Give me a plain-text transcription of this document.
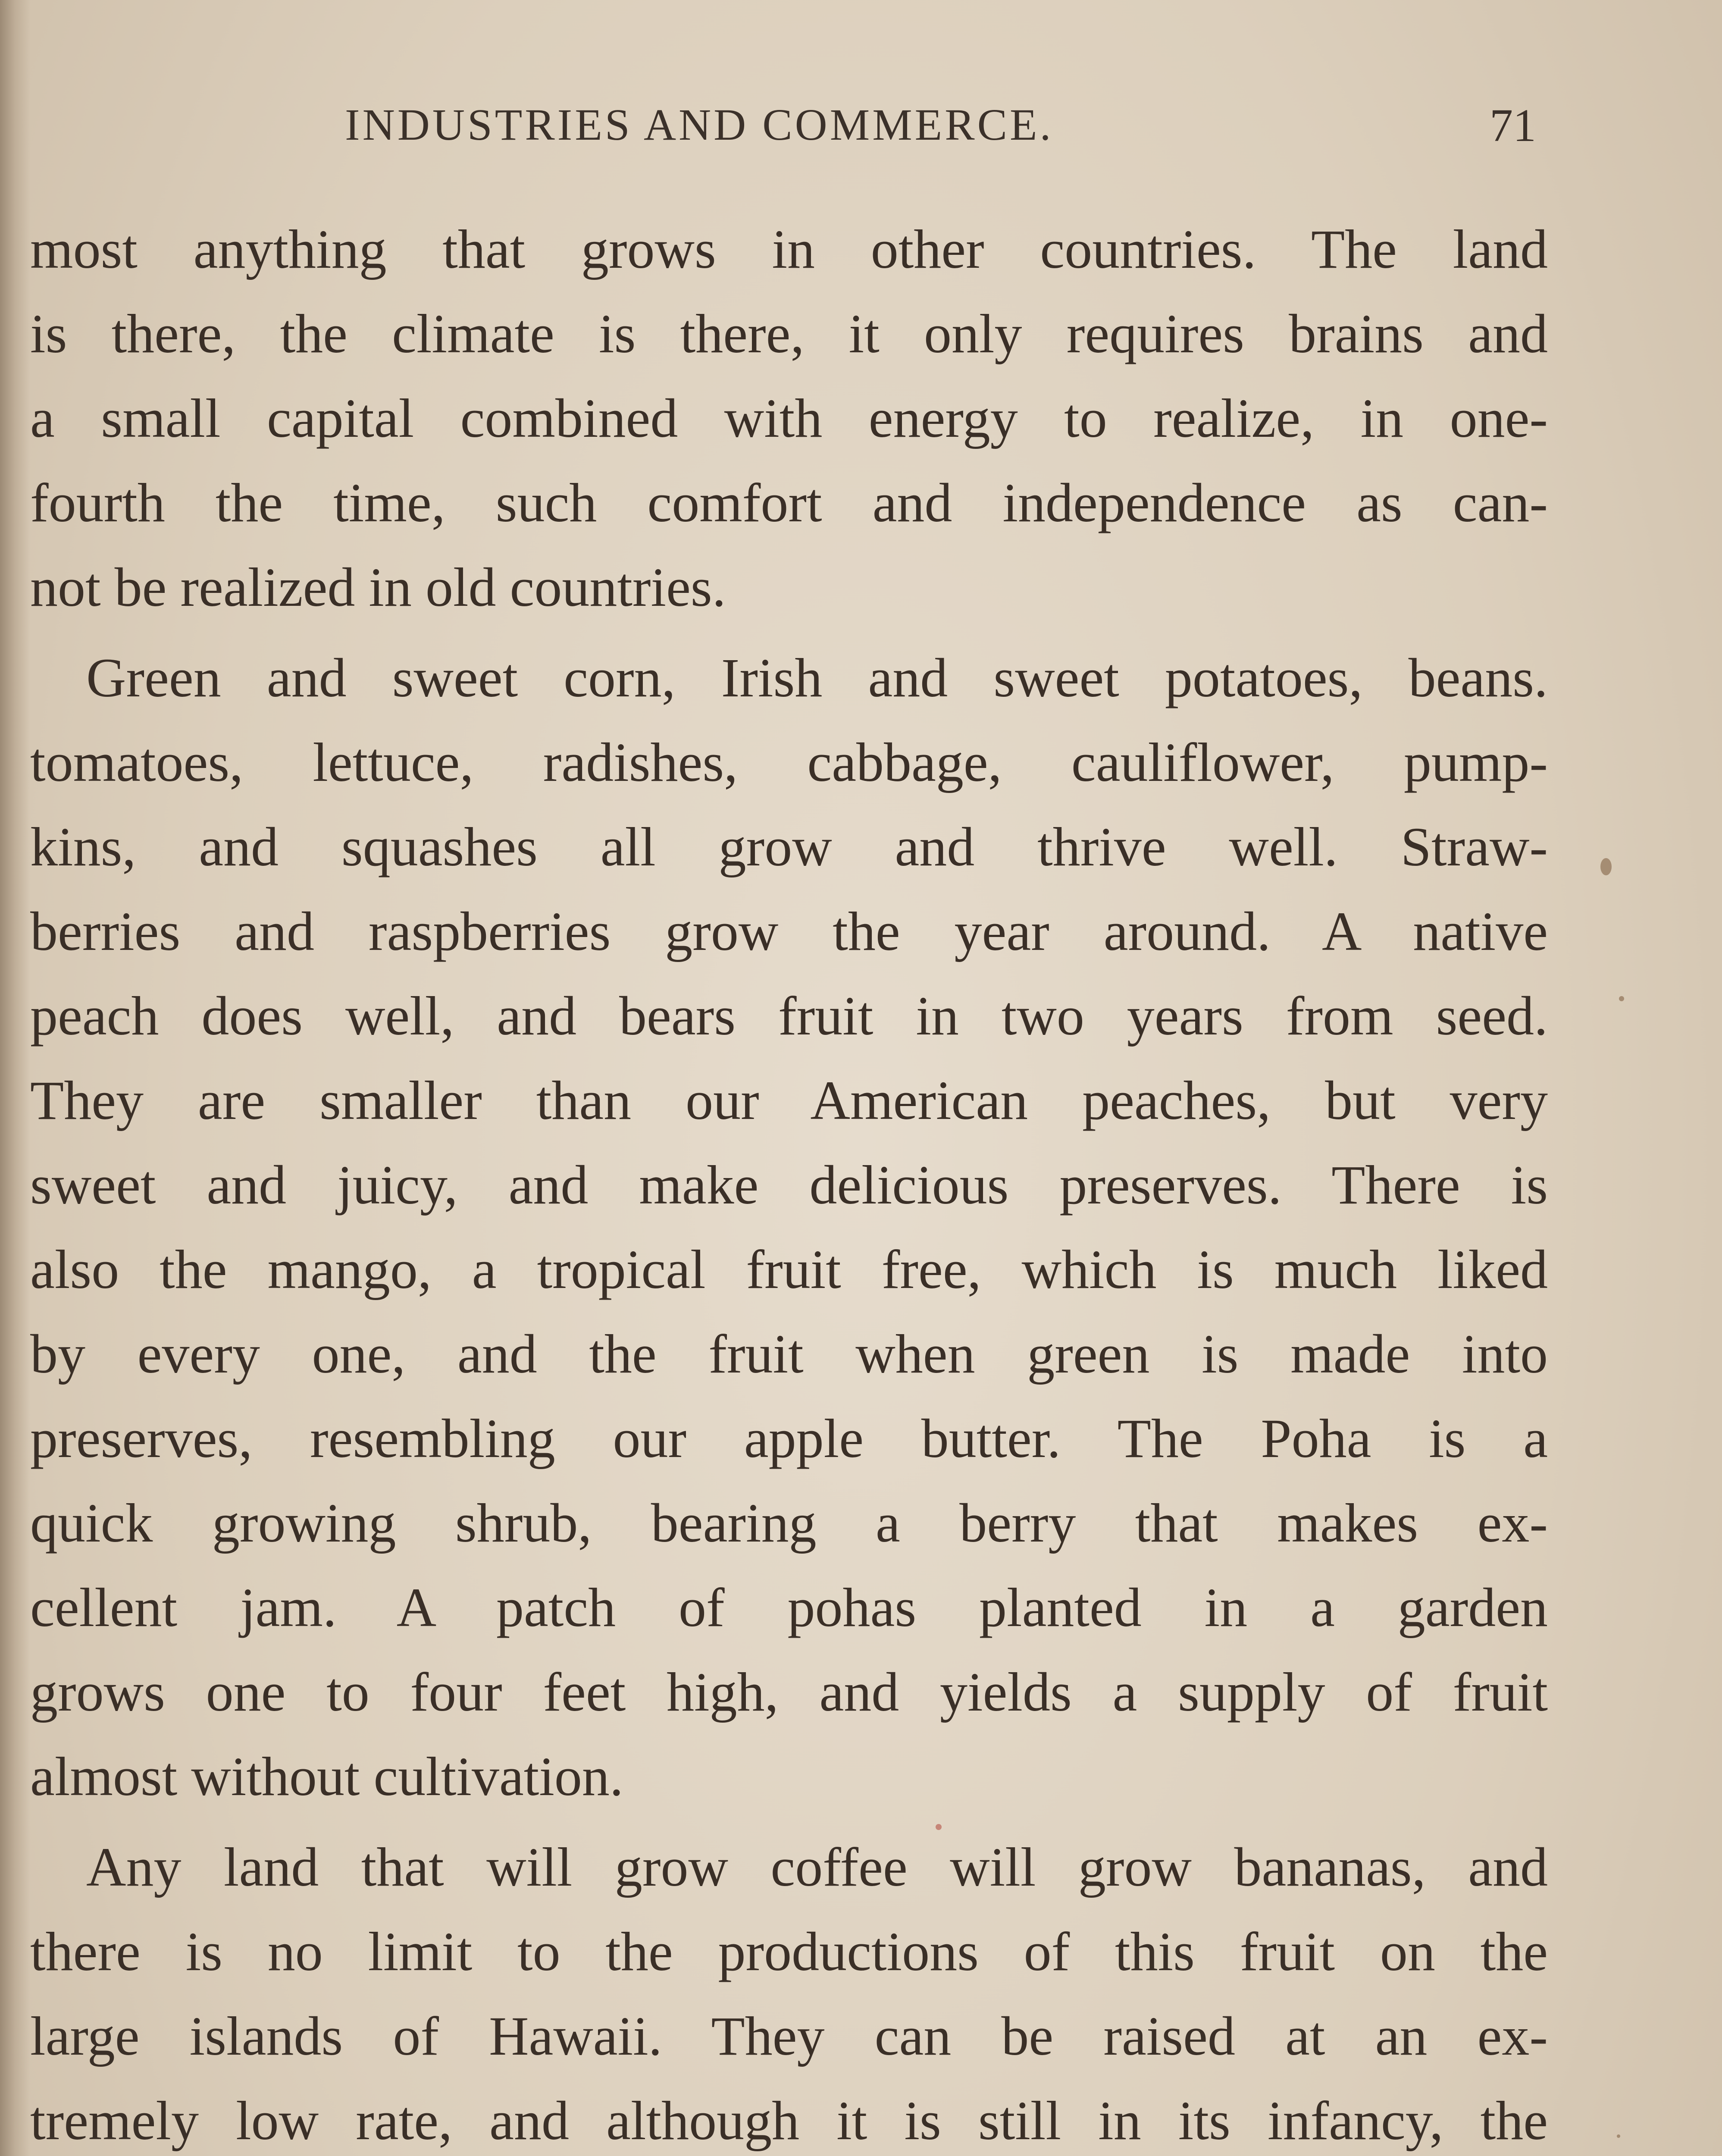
INDUSTRIES AND COMMERCE.	71
most anything that grows in other countries. The land
is there, the climate is there, it only requires brains and
a small capital combined with energy to realize, in one-
fourth the time, such comfort and independence as can-
not be realized in old countries.
Green and sweet corn, Irish and sweet potatoes, beans.
tomatoes, lettuce, radishes, cabbage, cauliflower, pump-
kins, and squashes all grow and thrive well. Straw-
berries and raspberries grow the year around. A native
peach does well, and bears fruit in two years from seed.
They are smaller than our American peaches, but very
sweet and juicy, and make delicious preserves. There is
also the mango, a tropical fruit free, which is much liked
by every one, and the fruit when green is made into
preserves, resembling our apple butter. The Poha is a
quick growing shrub, bearing a berry that makes ex-
cellent jam. A patch of pohas planted in a garden
grows one to four feet high, and yields a supply of fruit
almost without cultivation.
Any land that will grow coffee will grow bananas, and
there is no limit to the productions of this fruit on the
large islands of Hawaii. They can be raised at an ex-
tremely low rate, and although it is still in its infancy, the
